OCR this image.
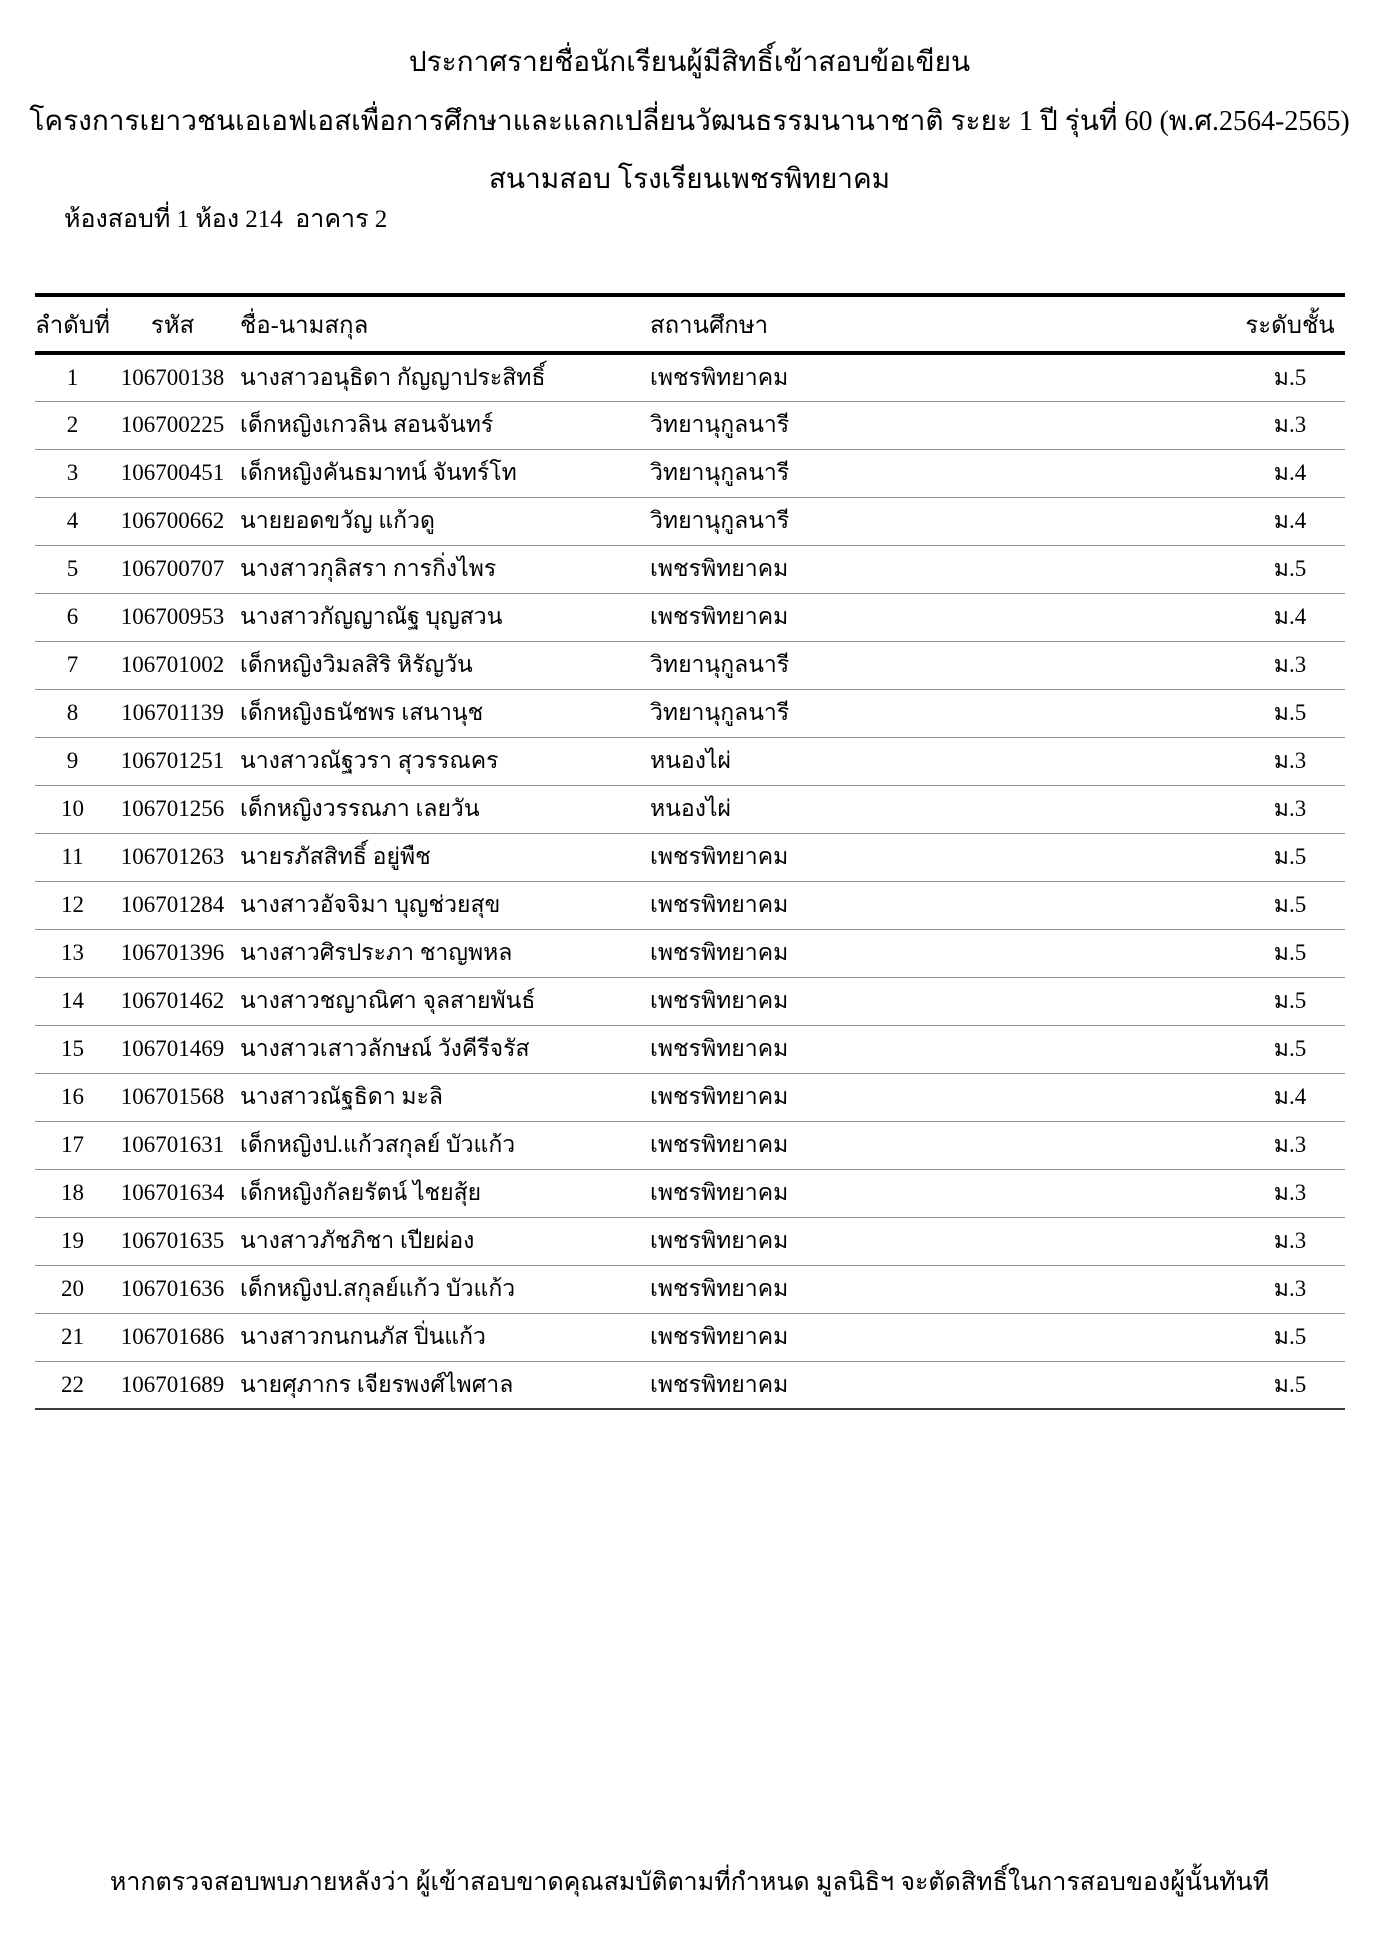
ประกาศรายชื่อนักเรียนผู้มีสิทธิ์เข้าสอบข้อเขียน
โครงการเยาวชนเอเอฟเอสเพื่อการศึกษาและแลกเปลี่ยนวัฒนธรรมนานาชาติ ระยะ 1 ปี รุ่นที่ 60 (พ.ศ.2564-2565)
สนามสอบ โรงเรียนเพชรพิทยาคม
ห้องสอบที่ 1 ห้อง 214  อาคาร 2
ลำดับที่	รหัส	ชื่อ-นามสกุล	สถานศึกษา	ระดับชั้น
1	106700138	นางสาวอนุธิดา กัญญาประสิทธิ์	เพชรพิทยาคม	ม.5
2	106700225	เด็กหญิงเกวลิน สอนจันทร์	วิทยานุกูลนารี	ม.3
3	106700451	เด็กหญิงคันธมาทน์ จันทร์โท	วิทยานุกูลนารี	ม.4
4	106700662	นายยอดขวัญ แก้วดู	วิทยานุกูลนารี	ม.4
5	106700707	นางสาวกุลิสรา การกิ่งไพร	เพชรพิทยาคม	ม.5
6	106700953	นางสาวกัญญาณัฐ บุญสวน	เพชรพิทยาคม	ม.4
7	106701002	เด็กหญิงวิมลสิริ หิรัญวัน	วิทยานุกูลนารี	ม.3
8	106701139	เด็กหญิงธนัชพร เสนานุช	วิทยานุกูลนารี	ม.5
9	106701251	นางสาวณัฐวรา สุวรรณคร	หนองไผ่	ม.3
10	106701256	เด็กหญิงวรรณภา เลยวัน	หนองไผ่	ม.3
11	106701263	นายรภัสสิทธิ์ อยู่พืช	เพชรพิทยาคม	ม.5
12	106701284	นางสาวอัจจิมา บุญช่วยสุข	เพชรพิทยาคม	ม.5
13	106701396	นางสาวศิรประภา ชาญพหล	เพชรพิทยาคม	ม.5
14	106701462	นางสาวชญาณิศา จุลสายพันธ์	เพชรพิทยาคม	ม.5
15	106701469	นางสาวเสาวลักษณ์ วังคีรีจรัส	เพชรพิทยาคม	ม.5
16	106701568	นางสาวณัฐธิดา มะลิ	เพชรพิทยาคม	ม.4
17	106701631	เด็กหญิงป.แก้วสกุลย์ บัวแก้ว	เพชรพิทยาคม	ม.3
18	106701634	เด็กหญิงกัลยรัตน์ ไชยสุ้ย	เพชรพิทยาคม	ม.3
19	106701635	นางสาวภัชภิชา เปียผ่อง	เพชรพิทยาคม	ม.3
20	106701636	เด็กหญิงป.สกุลย์แก้ว บัวแก้ว	เพชรพิทยาคม	ม.3
21	106701686	นางสาวกนกนภัส ปิ่นแก้ว	เพชรพิทยาคม	ม.5
22	106701689	นายศุภากร เจียรพงศ์ไพศาล	เพชรพิทยาคม	ม.5
หากตรวจสอบพบภายหลังว่า ผู้เข้าสอบขาดคุณสมบัติตามที่กำหนด มูลนิธิฯ จะตัดสิทธิ์ในการสอบของผู้นั้นทันที
